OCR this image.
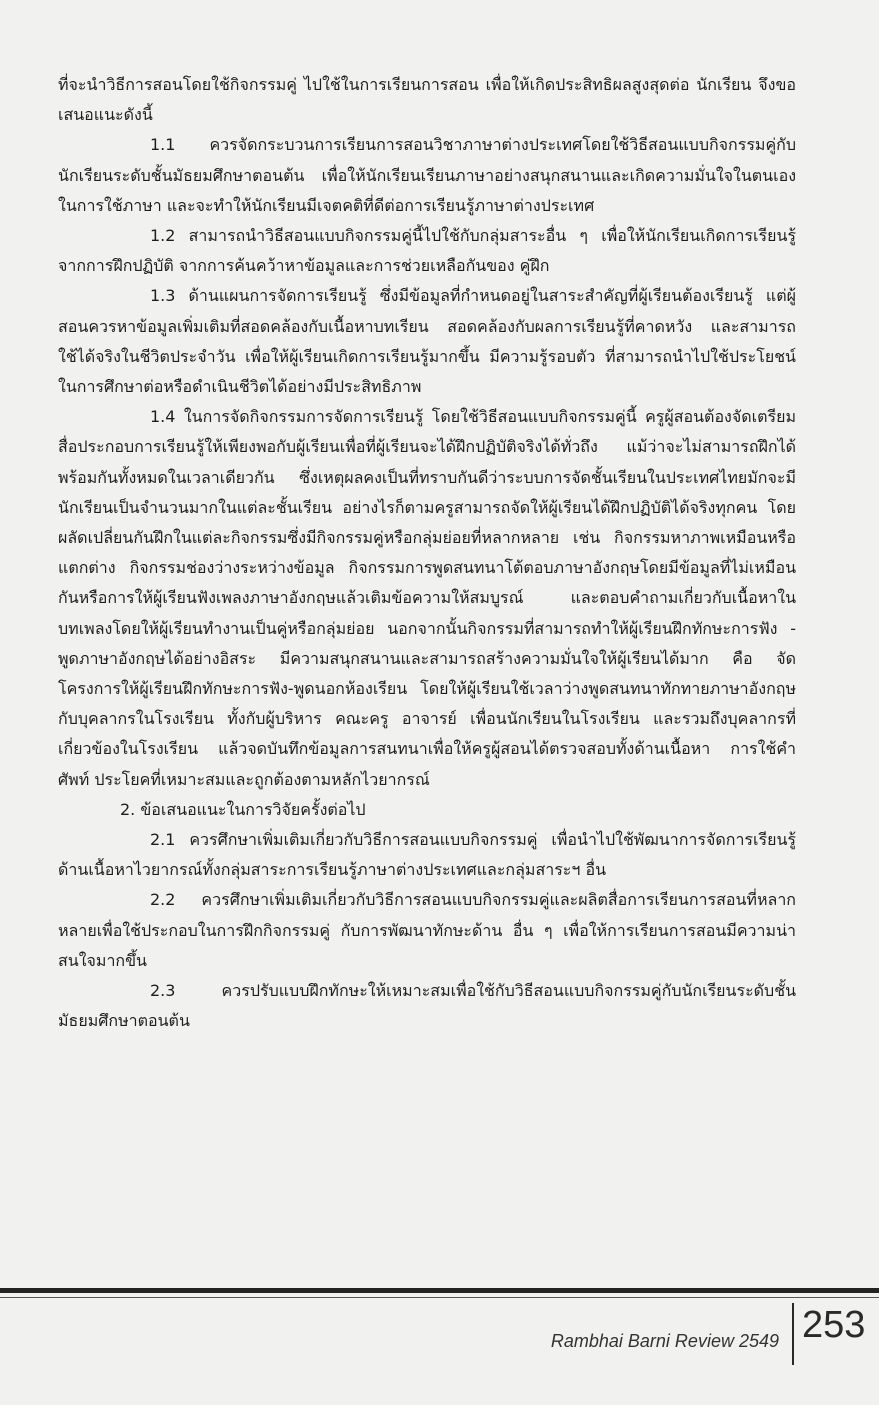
ที่จะนำวิธีการสอนโดยใช้กิจกรรมคู่ ไปใช้ในการเรียนการสอน เพื่อให้เกิดประสิทธิผลสูงสุดต่อ นักเรียน จึงขอเสนอแนะดังนี้

1.1 ควรจัดกระบวนการเรียนการสอนวิชาภาษาต่างประเทศโดยใช้วิธีสอนแบบกิจกรรมคู่กับนักเรียนระดับชั้นมัธยมศึกษาตอนต้น เพื่อให้นักเรียนเรียนภาษาอย่างสนุกสนานและเกิดความมั่นใจในตนเองในการใช้ภาษา และจะทำให้นักเรียนมีเจตคติที่ดีต่อการเรียนรู้ภาษาต่างประเทศ

1.2 สามารถนำวิธีสอนแบบกิจกรรมคู่นี้ไปใช้กับกลุ่มสาระอื่น ๆ เพื่อให้นักเรียนเกิดการเรียนรู้จากการฝึกปฏิบัติ จากการค้นคว้าหาข้อมูลและการช่วยเหลือกันของ คู่ฝึก

1.3 ด้านแผนการจัดการเรียนรู้ ซึ่งมีข้อมูลที่กำหนดอยู่ในสาระสำคัญที่ผู้เรียนต้องเรียนรู้ แต่ผู้สอนควรหาข้อมูลเพิ่มเติมที่สอดคล้องกับเนื้อหาบทเรียน สอดคล้องกับผลการเรียนรู้ที่คาดหวัง และสามารถใช้ได้จริงในชีวิตประจำวัน เพื่อให้ผู้เรียนเกิดการเรียนรู้มากขึ้น มีความรู้รอบตัว ที่สามารถนำไปใช้ประโยชน์ในการศึกษาต่อหรือดำเนินชีวิตได้อย่างมีประสิทธิภาพ

1.4 ในการจัดกิจกรรมการจัดการเรียนรู้ โดยใช้วิธีสอนแบบกิจกรรมคู่นี้ ครูผู้สอนต้องจัดเตรียมสื่อประกอบการเรียนรู้ให้เพียงพอกับผู้เรียนเพื่อที่ผู้เรียนจะได้ฝึกปฏิบัติจริงได้ทั่วถึง แม้ว่าจะไม่สามารถฝึกได้พร้อมกันทั้งหมดในเวลาเดียวกัน ซึ่งเหตุผลคงเป็นที่ทราบกันดีว่าระบบการจัดชั้นเรียนในประเทศไทยมักจะมีนักเรียนเป็นจำนวนมากในแต่ละชั้นเรียน อย่างไรก็ตามครูสามารถจัดให้ผู้เรียนได้ฝึกปฏิบัติได้จริงทุกคน โดยผลัดเปลี่ยนกันฝึกในแต่ละกิจกรรมซึ่งมีกิจกรรมคู่หรือกลุ่มย่อยที่หลากหลาย เช่น กิจกรรมหาภาพเหมือนหรือแตกต่าง กิจกรรมช่องว่างระหว่างข้อมูล กิจกรรมการพูดสนทนาโต้ตอบภาษาอังกฤษโดยมีข้อมูลที่ไม่เหมือนกันหรือการให้ผู้เรียนฟังเพลงภาษาอังกฤษแล้วเติมข้อความให้สมบูรณ์ และตอบคำถามเกี่ยวกับเนื้อหาในบทเพลงโดยให้ผู้เรียนทำงานเป็นคู่หรือกลุ่มย่อย นอกจากนั้นกิจกรรมที่สามารถทำให้ผู้เรียนฝึกทักษะการฟัง - พูดภาษาอังกฤษได้อย่างอิสระ มีความสนุกสนานและสามารถสร้างความมั่นใจให้ผู้เรียนได้มาก คือ จัดโครงการให้ผู้เรียนฝึกทักษะการฟัง-พูดนอกห้องเรียน โดยให้ผู้เรียนใช้เวลาว่างพูดสนทนาทักทายภาษาอังกฤษกับบุคลากรในโรงเรียน ทั้งกับผู้บริหาร คณะครู อาจารย์ เพื่อนนักเรียนในโรงเรียน และรวมถึงบุคลากรที่เกี่ยวข้องในโรงเรียน แล้วจดบันทึกข้อมูลการสนทนาเพื่อให้ครูผู้สอนได้ตรวจสอบทั้งด้านเนื้อหา การใช้คำศัพท์ ประโยคที่เหมาะสมและถูกต้องตามหลักไวยากรณ์

2. ข้อเสนอแนะในการวิจัยครั้งต่อไป

2.1 ควรศึกษาเพิ่มเติมเกี่ยวกับวิธีการสอนแบบกิจกรรมคู่ เพื่อนำไปใช้พัฒนาการจัดการเรียนรู้ด้านเนื้อหาไวยากรณ์ทั้งกลุ่มสาระการเรียนรู้ภาษาต่างประเทศและกลุ่มสาระฯ อื่น

2.2 ควรศึกษาเพิ่มเติมเกี่ยวกับวิธีการสอนแบบกิจกรรมคู่และผลิตสื่อการเรียนการสอนที่หลากหลายเพื่อใช้ประกอบในการฝึกกิจกรรมคู่ กับการพัฒนาทักษะด้าน อื่น ๆ เพื่อให้การเรียนการสอนมีความน่าสนใจมากขึ้น

2.3 ควรปรับแบบฝึกทักษะให้เหมาะสมเพื่อใช้กับวิธีสอนแบบกิจกรรมคู่กับนักเรียนระดับชั้นมัธยมศึกษาตอนต้น

Rambhai Barni Review 2549 253
